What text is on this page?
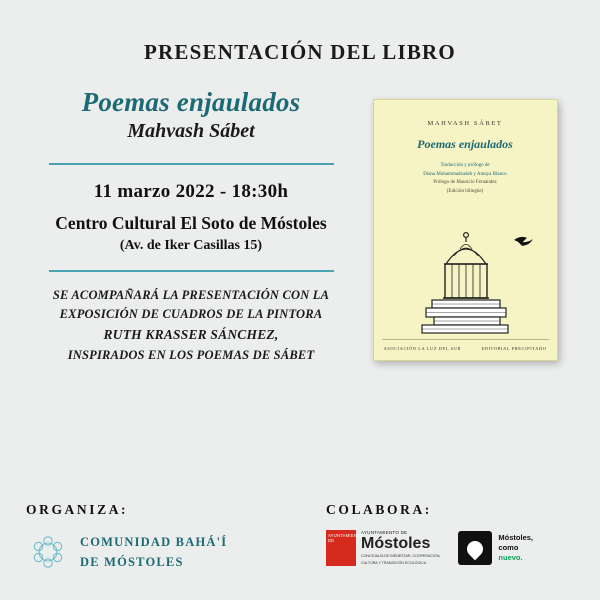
PRESENTACIÓN DEL LIBRO
Poemas enjaulados
Mahvash Sábet
11 marzo 2022 - 18:30h
Centro Cultural El Soto de Móstoles
(Av. de Iker Casillas 15)
SE ACOMPAÑARÁ LA PRESENTACIÓN CON LA
EXPOSICIÓN DE CUADROS DE LA PINTORA
RUTH KRASSER SÁNCHEZ,
INSPIRADOS EN LOS POEMAS DE SÁBET
MAHVASH SÁBET
Poemas enjaulados
Traducción y prólogo de
Diana Mohammadzadeh y Amaya Blanco
Prólogo de Mauricio Fernández
(Edición bilingüe)
ASOCIACIÓN LA LUZ DEL SUR	EDITORIAL PRECIPITADO
ORGANIZA:
COMUNIDAD BAHÁ'Í
DE MÓSTOLES
COLABORA:
AYUNTAMIENTO DE
AYUNTAMIENTO DE
Móstoles
CONCEJALÍA DE BIENESTAR, COOPERACIÓN,
CULTURA Y TRANSICIÓN ECOLÓGICA
Móstoles,
como
nuevo.
